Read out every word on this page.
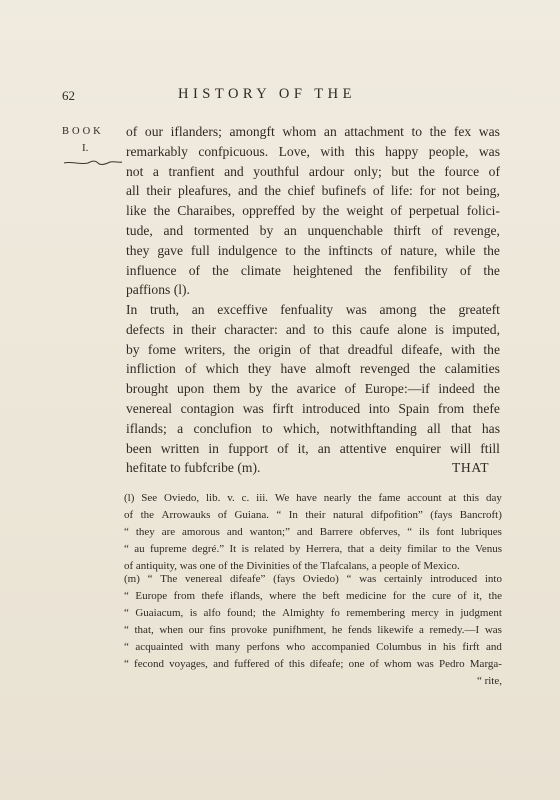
62	HISTORY OF THE
BOOK
I.
of our iflanders; amongft whom an attachment to the fex was
remarkably confpicuous. Love, with this happy people, was
not a tranfient and youthful ardour only; but the fource of
all their pleafures, and the chief bufinefs of life: for not being,
like the Charaibes, oppreffed by the weight of perpetual folici-
tude, and tormented by an unquenchable thirft of revenge,
they gave full indulgence to the inftincts of nature, while the
influence of the climate heightened the fenfibility of the
paffions (l).
In truth, an exceffive fenfuality was among the greateft
defects in their character: and to this caufe alone is imputed,
by fome writers, the origin of that dreadful difeafe, with the
infliction of which they have almoft revenged the calamities
brought upon them by the avarice of Europe:—if indeed the
venereal contagion was firft introduced into Spain from thefe
iflands; a conclufion to which, notwithftanding all that has
been written in fupport of it, an attentive enquirer will ftill
hefitate to fubfcribe (m).	THAT
(l) See Oviedo, lib. v. c. iii. We have nearly the fame account at this day
of the Arrowauks of Guiana. “ In their natural difpofition” (fays Bancroft)
“ they are amorous and wanton;” and Barrere obferves, “ ils font lubriques
“ au fupreme degré.” It is related by Herrera, that a deity fimilar to the Venus
of antiquity, was one of the Divinities of the Tlafcalans, a people of Mexico.
(m) “ The venereal difeafe” (fays Oviedo) “ was certainly introduced into
“ Europe from thefe iflands, where the beft medicine for the cure of it, the
“ Guaiacum, is alfo found; the Almighty fo remembering mercy in judgment
“ that, when our fins provoke punifhment, he fends likewife a remedy.—I was
“ acquainted with many perfons who accompanied Columbus in his firft and
“ fecond voyages, and fuffered of this difeafe; one of whom was Pedro Marga-
“ rite,
